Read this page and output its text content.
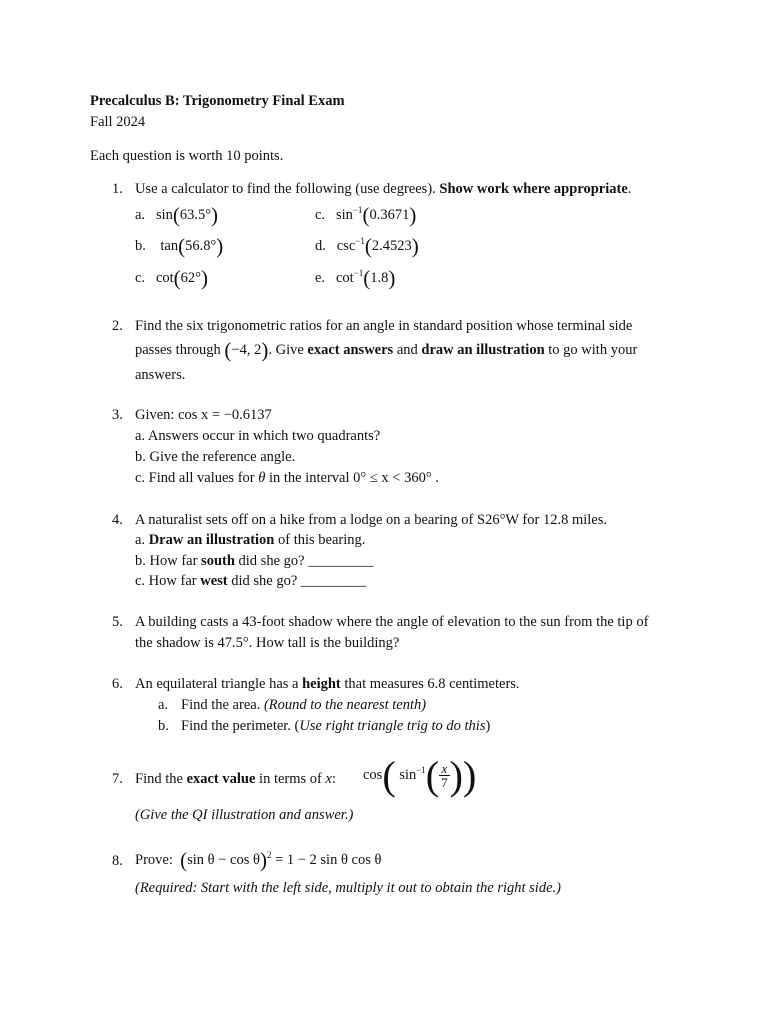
Precalculus B: Trigonometry Final Exam
Fall 2024
Each question is worth 10 points.
1. Use a calculator to find the following (use degrees). Show work where appropriate.
a. sin(63.5°)	c. $\sin^{-1}(0.3671)$
b. tan(56.8°)	d. $\csc^{-1}(2.4523)$
c. cot(62°)	e. $\cot^{-1}(1.8)$
2. Find the six trigonometric ratios for an angle in standard position whose terminal side
passes through (−4, 2). Give exact answers and draw an illustration to go with your
answers.
3. Given: cos x = −0.6137
a. Answers occur in which two quadrants?
b. Give the reference angle.
c. Find all values for θ in the interval 0° ≤ x < 360° .
4. A naturalist sets off on a hike from a lodge on a bearing of S26°W for 12.8 miles.
a. Draw an illustration of this bearing.
b. How far south did she go? _________
c. How far west did she go? _________
5. A building casts a 43-foot shadow where the angle of elevation to the sun from the tip of
the shadow is 47.5°. How tall is the building?
6. An equilateral triangle has a height that measures 6.8 centimeters.
a. Find the area. (Round to the nearest tenth)
b. Find the perimeter. (Use right triangle trig to do this)
7. Find the exact value in terms of x: cos( $\sin^{-1}( \frac{x}{7}$ ))
(Give the QI illustration and answer.)
8. Prove:  (sin θ − cos θ)$^2$ = 1 − 2 sin θ cos θ
(Required: Start with the left side, multiply it out to obtain the right side.)
